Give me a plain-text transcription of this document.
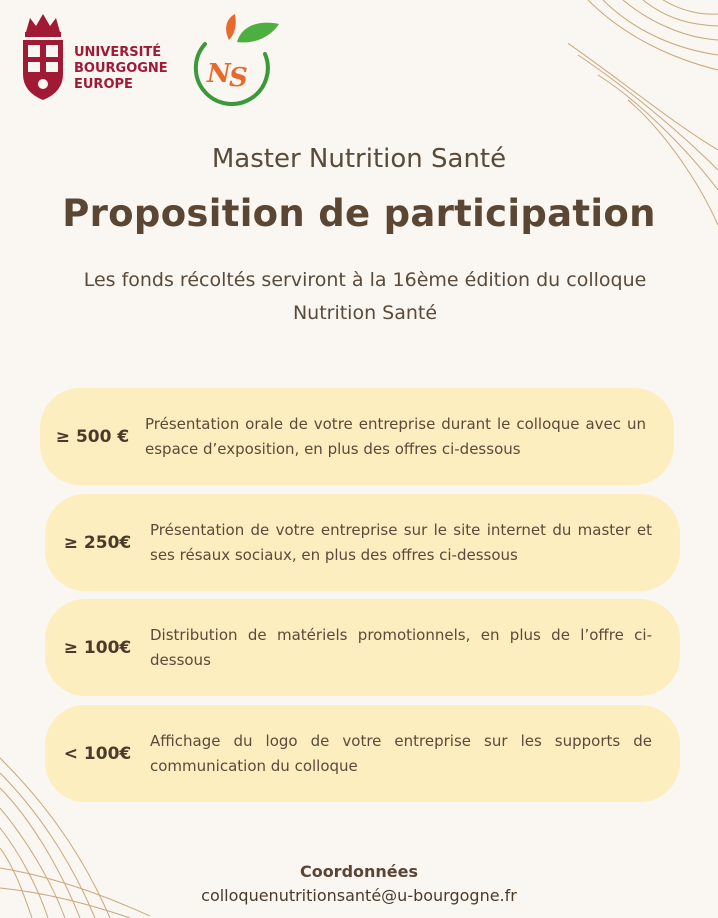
UNIVERSITÉ
BOURGOGNE
EUROPE	N
S
Master Nutrition Santé
Proposition de participation
Les fonds récoltés serviront à la 16ème édition du colloque Nutrition Santé
≥ 500 €
Présentation orale de votre entreprise durant le colloque avec un espace d’exposition, en plus des offres ci-dessous
≥ 250€
Présentation de votre entreprise sur le site internet du master et ses résaux sociaux, en plus des offres ci-dessous
≥ 100€
Distribution de matériels promotionnels, en plus de l’offre ci-dessous
< 100€
Affichage du logo de votre entreprise sur les supports de communication du colloque
Coordonnées
colloquenutritionsanté@u-bourgogne.fr
